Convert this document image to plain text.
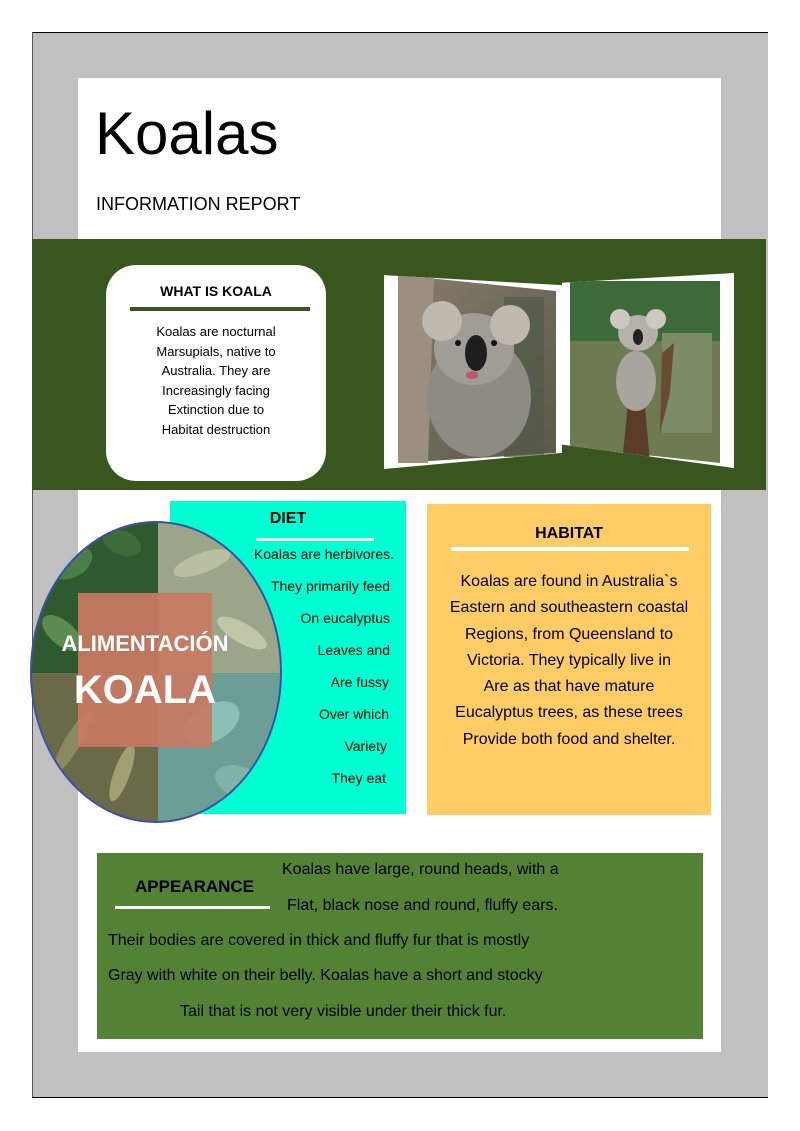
Koalas
INFORMATION REPORT
WHAT IS KOALA
Koalas are nocturnal
Marsupials, native to
Australia. They are
Increasingly facing
Extinction due to
Habitat destruction
DIET
Koalas are herbivores.
They primarily feed
On eucalyptus
Leaves and
Are fussy
Over which
Variety
They eat
ALIMENTACIÓN
KOALA
HABITAT
Koalas are found in Australia`s
Eastern and southeastern coastal
Regions, from Queensland to
Victoria. They typically live in
Are as that have mature
Eucalyptus trees, as these trees
Provide both food and shelter.
APPEARANCE
Koalas have large, round heads, with a
Flat, black nose and round, fluffy ears.
Their bodies are covered in thick and fluffy fur that is mostly
Gray with white on their belly. Koalas have a short and stocky
Tail that is not very visible under their thick fur.
